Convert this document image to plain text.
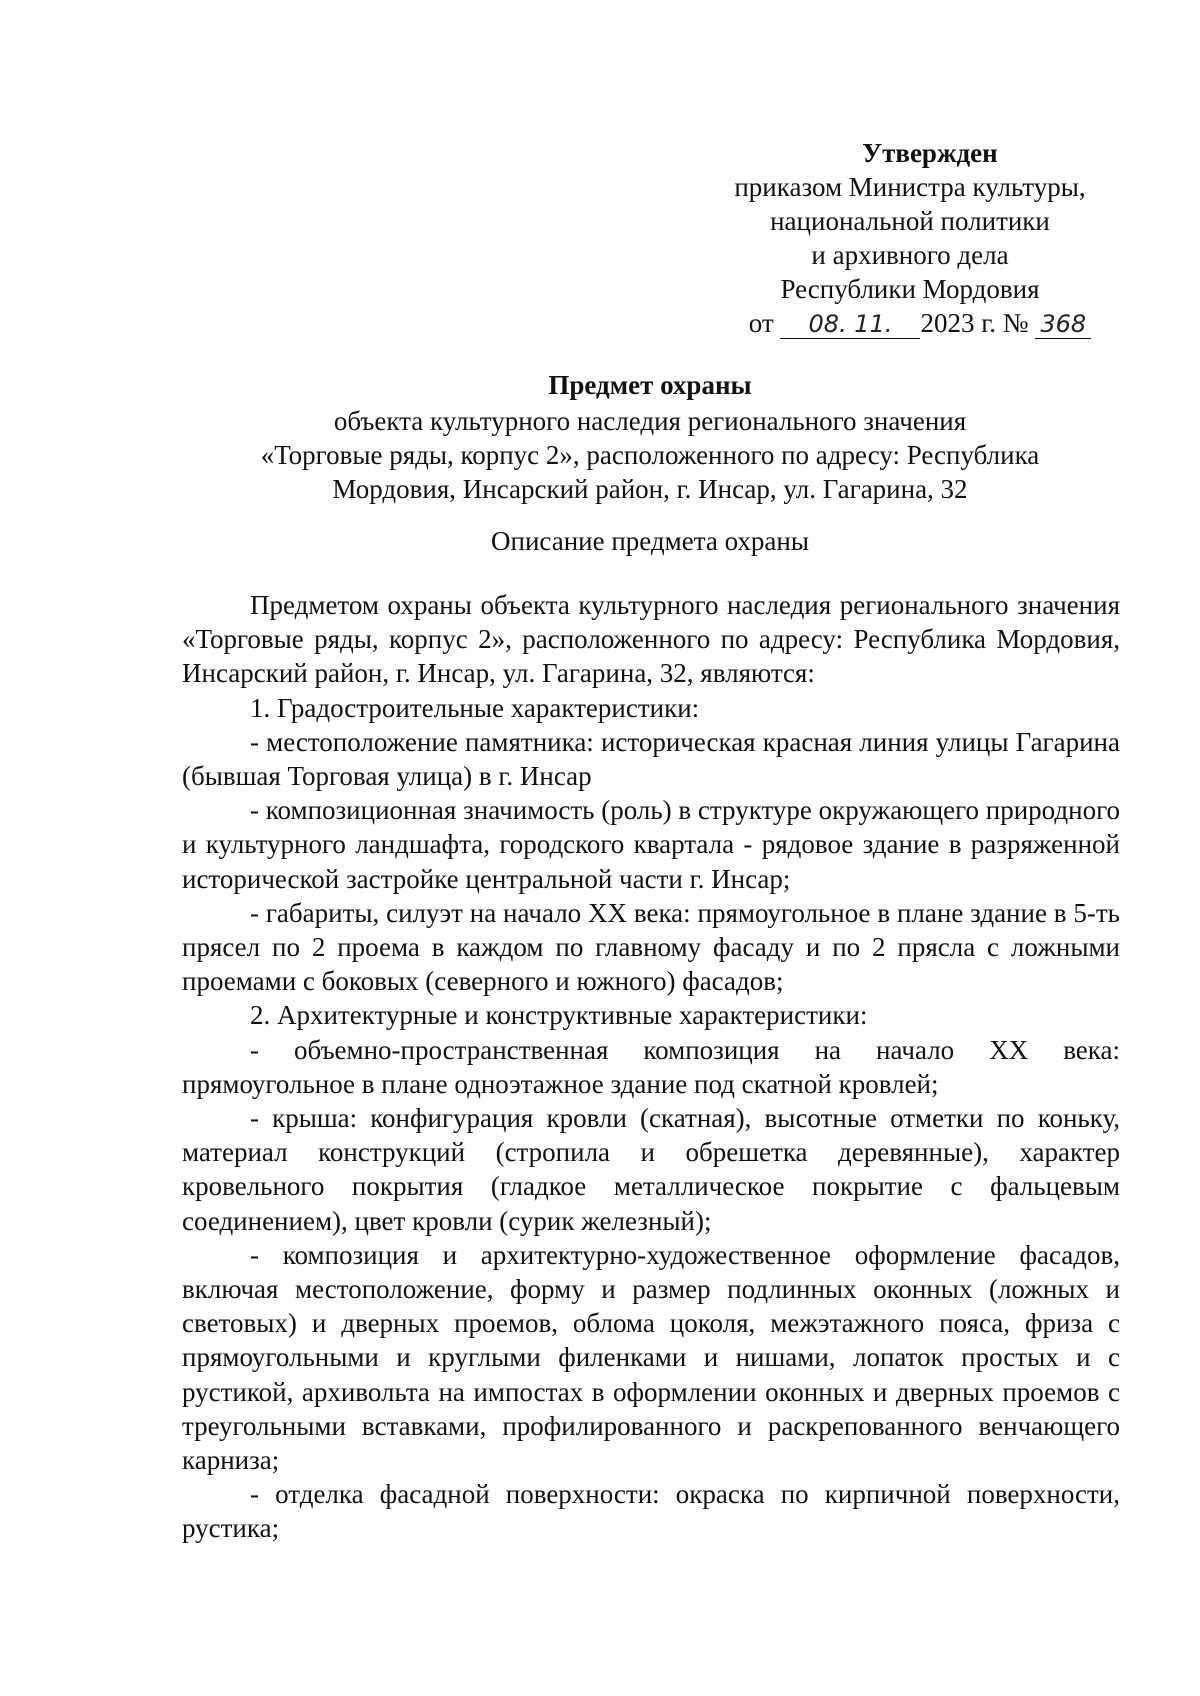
Утвержден
приказом Министра культуры,
национальной политики
и архивного дела
Республики Мордовия
от 08. 11. 2023 г. № 368
Предмет охраны
объекта культурного наследия регионального значения
«Торговые ряды, корпус 2», расположенного по адресу: Республика
Мордовия, Инсарский район, г. Инсар, ул. Гагарина, 32
Описание предмета охраны

Предметом охраны объекта культурного наследия регионального значения «Торговые ряды, корпус 2», расположенного по адресу: Республика Мордовия, Инсарский район, г. Инсар, ул. Гагарина, 32, являются:

1. Градостроительные характеристики:

- местоположение памятника: историческая красная линия улицы Гагарина (бывшая Торговая улица) в г. Инсар

- композиционная значимость (роль) в структуре окружающего природного и культурного ландшафта, городского квартала - рядовое здание в разряженной исторической застройке центральной части г. Инсар;

- габариты, силуэт на начало XX века: прямоугольное в плане здание в 5-ть прясел по 2 проема в каждом по главному фасаду и по 2 прясла с ложными проемами с боковых (северного и южного) фасадов;

2. Архитектурные и конструктивные характеристики:

- объемно-пространственная композиция на начало XX века: прямоугольное в плане одноэтажное здание под скатной кровлей;

- крыша: конфигурация кровли (скатная), высотные отметки по коньку, материал конструкций (стропила и обрешетка деревянные), характер кровельного покрытия (гладкое металлическое покрытие с фальцевым соединением), цвет кровли (сурик железный);

- композиция и архитектурно-художественное оформление фасадов, включая местоположение, форму и размер подлинных оконных (ложных и световых) и дверных проемов, облома цоколя, межэтажного пояса, фриза с прямоугольными и круглыми филенками и нишами, лопаток простых и с рустикой, архивольта на импостах в оформлении оконных и дверных проемов с треугольными вставками, профилированного и раскрепованного венчающего карниза;

- отделка фасадной поверхности: окраска по кирпичной поверхности, рустика;
